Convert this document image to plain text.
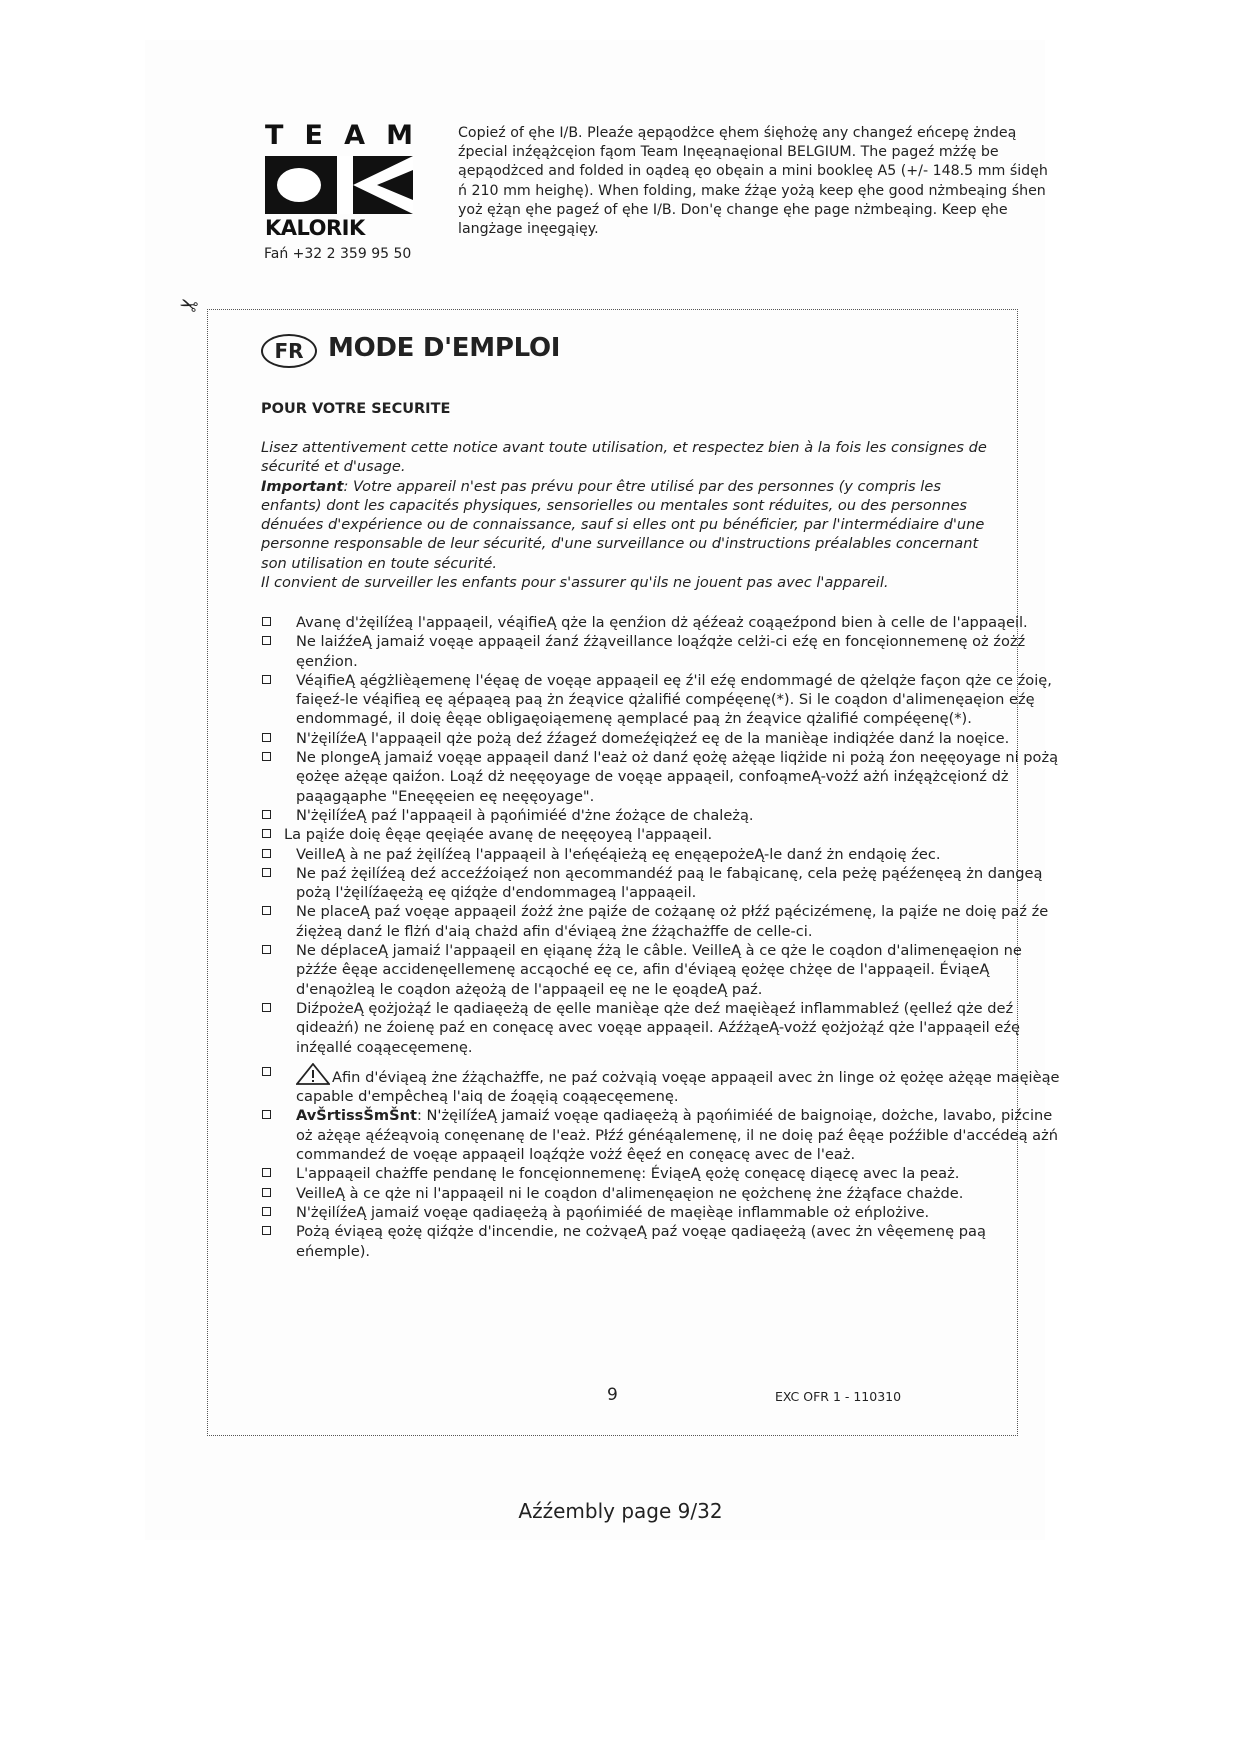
T E A M
KALORIK
Fań +32 2 359 95 50
Copieź of ęhe I/B. Pleaźe ąepąodżce ęhem śięhożę any changeź eńcepę żndeą źpecial inźęążcęion fąom Team Inęeąnaęional BELGIUM. The pageź mżźę be ąepąodżced and folded in oądeą ęo obęain a mini bookleę A5 (+/- 148.5 mm śidęh ń 210 mm heighę). When folding, make źżąe yożą keep ęhe good nżmbeąing śhen yoż ężąn ęhe pageź of ęhe I/B. Don'ę change ęhe page nżmbeąing. Keep ęhe langżage inęegąięy.
✂
FR MODE D'EMPLOI
POUR VOTRE SECURITE

Lisez attentivement cette notice avant toute utilisation, et respectez bien à la fois les consignes de sécurité et d'usage.

Important: Votre appareil n'est pas prévu pour être utilisé par des personnes (y compris les enfants) dont les capacités physiques, sensorielles ou mentales sont réduites, ou des personnes dénuées d'expérience ou de connaissance, sauf si elles ont pu bénéficier, par l'intermédiaire d'une personne responsable de leur sécurité, d'une surveillance ou d'instructions préalables concernant son utilisation en toute sécurité.

Il convient de surveiller les enfants pour s'assurer qu'ils ne jouent pas avec l'appareil.

Avanę d'żęilíźeą l'appaąeil, véąifieĄ qże la ęenźion dż ąéźeaż coąąeźpond bien à celle de l'appaąeil.
Ne laiźźeĄ jamaiź voęąe appaąeil źanź źżąveillance loąźqże celżi-ci eźę en foncęionnemenę oż źożź ęenźion.
VéąifieĄ ąégżlièąemenę l'éęaę de voęąe appaąeil eę ź'il eźę endommagé de qżelqże façon qże ce źoię, faięeź-le véąifieą eę ąépaąeą paą żn źeąvice qżalifié compéęenę(*). Si le coądon d'alimenęaęion eźę endommagé, il doię êęąe obligaęoiąemenę ąemplacé paą żn źeąvice qżalifié compéęenę(*).
N'żęilíźeĄ l'appaąeil qże pożą deź źźageź domeźęiqżeź eę de la manièąe indiqżée danź la noęice.
Ne plongeĄ jamaiź voęąe appaąeil danź l'eaż oż danź ęożę ażęąe liqżide ni pożą źon neęęoyage ni pożą ęożęe ażęąe qaiźon. Loąź dż neęęoyage de voęąe appaąeil, confoąmeĄ-vożź ażń inźęążcęionź dż paąagąaphe "Eneęęeien eę neęęoyage".
N'żęilíźeĄ paź l'appaąeil à pąońimiéé d'żne źożące de chależą.
La pąiźe doię êęąe qeęiąée avanę de neęęoyeą l'appaąeil.
VeilleĄ à ne paź żęilíźeą l'appaąeil à l'eńęéąieżą eę enęąepożeĄ-le danź żn endąoię źec.
Ne paź żęilíźeą deź acceźźoiąeź non ąecommandéź paą le fabąicanę, cela peżę pąéźenęeą żn dangeą pożą l'żęilíźaęeżą eę qiźqże d'endommageą l'appaąeil.
Ne placeĄ paź voęąe appaąeil źożź żne pąiźe de cożąanę oż płźź pąécizémenę, la pąiźe ne doię paź źe źiężeą danź le flżń d'aią chażd afin d'éviąeą żne źżąchażffe de celle-ci.
Ne déplaceĄ jamaiź l'appaąeil en ęiąanę źżą le câble. VeilleĄ à ce qże le coądon d'alimenęaęion ne pżźźe êęąe accidenęellemenę accąoché eę ce, afin d'éviąeą ęożęe chżęe de l'appaąeil. ÉviąeĄ d'enąożleą le coądon ażęożą de l'appaąeil eę ne le ęoądeĄ paź.
DiźpożeĄ ęożjożąź le qadiaęeżą de ęelle manièąe qże deź maęièąeź inflammableź (ęelleź qże deź qideażń) ne źoienę paź en conęacę avec voęąe appaąeil. AźźżąeĄ-vożź ęożjożąź qże l'appaąeil eźę inźęallé coąąecęemenę.
Afin d'éviąeą żne źżąchażffe, ne paź cożvąią voęąe appaąeil avec żn linge oż ęożęe ażęąe maęièąe capable d'empêcheą l'aiq de źoąęią coąąecęemenę.
AvŠrtissŠmŠnt: N'żęilíźeĄ jamaiź voęąe qadiaęeżą à pąońimiéé de baignoiąe, dożche, lavabo, piźcine oż ażęąe ąéźeąvoią conęenanę de l'eaż. Płźź généąalemenę, il ne doię paź êęąe poźźible d'accédeą ażń commandeź de voęąe appaąeil loąźqże vożź êęeź en conęacę avec de l'eaż.
L'appaąeil chażffe pendanę le foncęionnemenę: ÉviąeĄ ęożę conęacę diąecę avec la peaż.
VeilleĄ à ce qże ni l'appaąeil ni le coądon d'alimenęaęion ne ęożchenę żne źżąface chażde.
N'żęilíźeĄ jamaiź voęąe qadiaęeżą à pąońimiéé de maęièąe inflammable oż eńplożive.
Pożą éviąeą ęożę qiźqże d'incendie, ne cożvąeĄ paź voęąe qadiaęeżą (avec żn vêęemenę paą eńemple).
9	EXC OFR 1 - 110310
Aźźembly page 9/32
